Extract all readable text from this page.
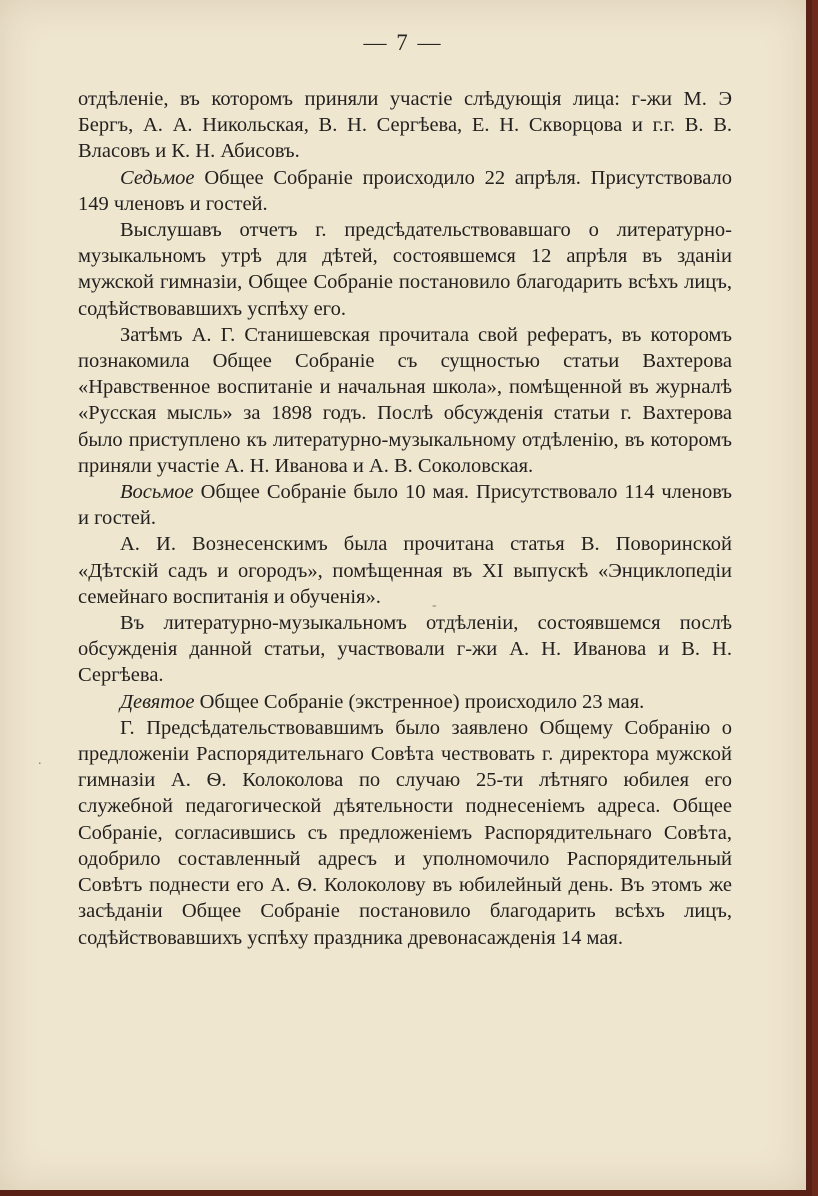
— 7 —

отдѣленіе, въ которомъ приняли участіе слѣдующія лица: г-жи М. Э Бергъ, А. А. Никольская, В. Н. Сергѣева, Е. Н. Скворцова и г.г. В. В. Власовъ и К. Н. Абисовъ.

Седьмое Общее Собраніе происходило 22 апрѣля. Присутствовало 149 членовъ и гостей.

Выслушавъ отчетъ г. предсѣдательствовавшаго о литературно-музыкальномъ утрѣ для дѣтей, состоявшемся 12 апрѣля въ зданіи мужской гимназіи, Общее Собраніе постановило благодарить всѣхъ лицъ, содѣйствовавшихъ успѣху его.

Затѣмъ А. Г. Станишевская прочитала свой рефератъ, въ которомъ познакомила Общее Собраніе съ сущностью статьи Вахтерова «Нравственное воспитаніе и начальная школа», помѣщенной въ журналѣ «Русская мысль» за 1898 годъ. Послѣ обсужденія статьи г. Вахтерова было приступлено къ литературно-музыкальному отдѣленію, въ которомъ приняли участіе А. Н. Иванова и А. В. Соколовская.

Восьмое Общее Собраніе было 10 мая. Присутствовало 114 членовъ и гостей.

А. И. Вознесенскимъ была прочитана статья В. Поворинской «Дѣтскій садъ и огородъ», помѣщенная въ XI выпускѣ «Энциклопедіи семейнаго воспитанія и обученія».

Въ литературно-музыкальномъ отдѣленіи, состоявшемся послѣ обсужденія данной статьи, участвовали г-жи А. Н. Иванова и В. Н. Сергѣева.

Девятое Общее Собраніе (экстренное) происходило 23 мая.

Г. Предсѣдательствовавшимъ было заявлено Общему Собранію о предложеніи Распорядительнаго Совѣта чествовать г. директора мужской гимназіи А. Ѳ. Колоколова по случаю 25-ти лѣтняго юбилея его служебной педагогической дѣятельности поднесеніемъ адреса. Общее Собраніе, согласившись съ предложеніемъ Распорядительнаго Совѣта, одобрило составленный адресъ и уполномочило Распорядительный Совѣтъ поднести его А. Ѳ. Колоколову въ юбилейный день. Въ этомъ же засѣданіи Общее Собраніе постановило благодарить всѣхъ лицъ, содѣйствовавшихъ успѣху праздника древонасажденія 14 мая.

.
-
